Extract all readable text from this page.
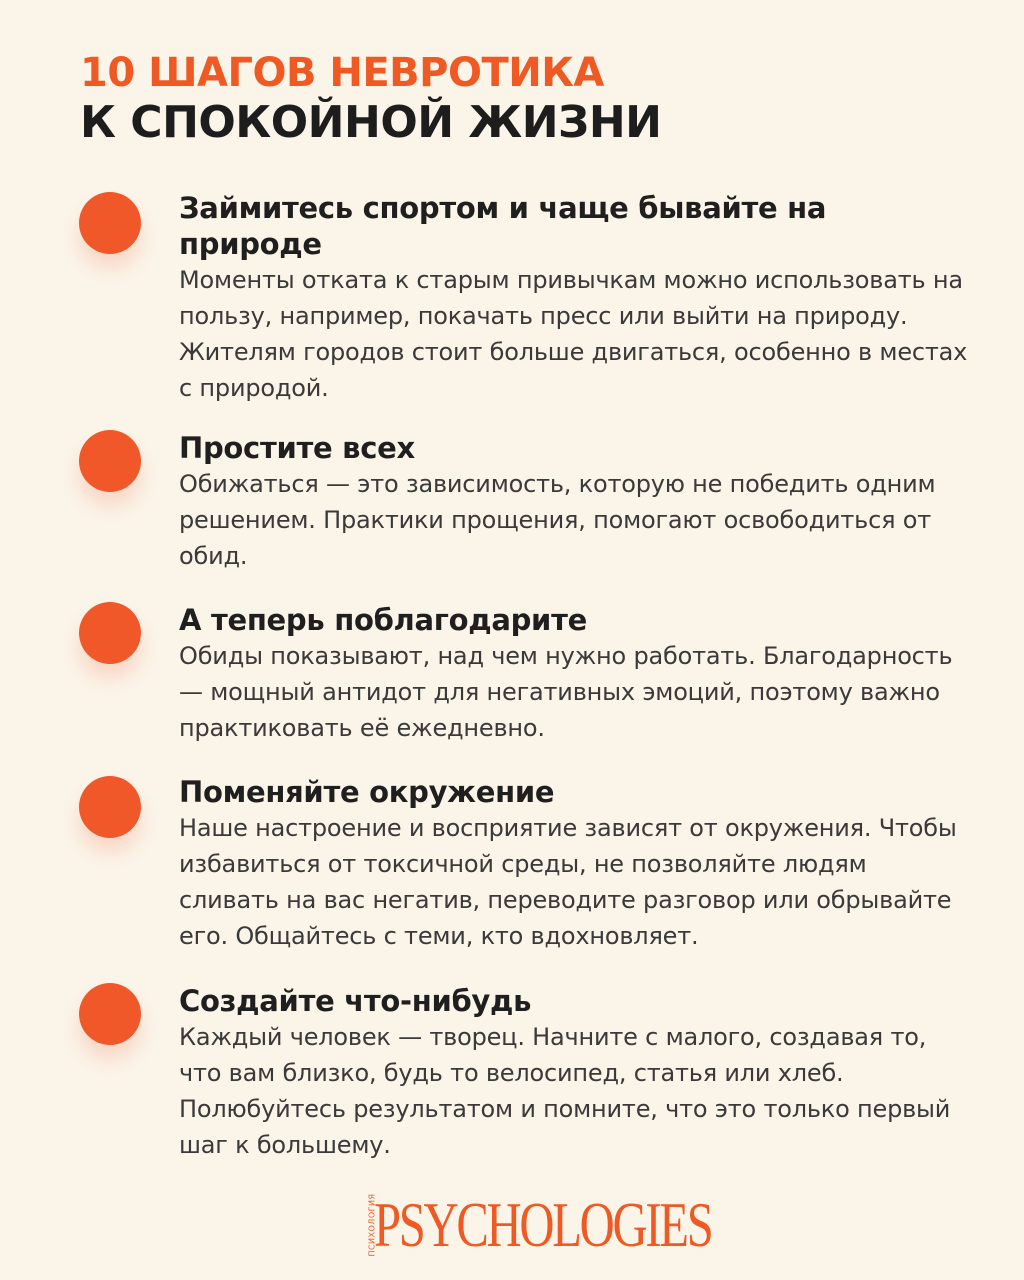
10 ШАГОВ НЕВРОТИКА
К СПОКОЙНОЙ ЖИЗНИ
Займитесь спортом и чаще бывайте на природе

Моменты отката к старым привычкам можно использовать на пользу, например, покачать пресс или выйти на природу. Жителям городов стоит больше двигаться, особенно в местах с природой.

Простите всех

Обижаться — это зависимость, которую не победить одним решением. Практики прощения, помогают освободиться от обид.

А теперь поблагодарите

Обиды показывают, над чем нужно работать. Благодарность — мощный антидот для негативных эмоций, поэтому важно практиковать её ежедневно.

Поменяйте окружение

Наше настроение и восприятие зависят от окружения. Чтобы избавиться от токсичной среды, не позволяйте людям сливать на вас негатив, переводите разговор или обрывайте его. Общайтесь с теми, кто вдохновляет.

Создайте что-нибудь

Каждый человек — творец. Начните с малого, создавая то, что вам близко, будь то велосипед, статья или хлеб. Полюбуйтесь результатом и помните, что это только первый шаг к большему.

ПСИХОЛОГИЯ
PSYCHOLOGIES
